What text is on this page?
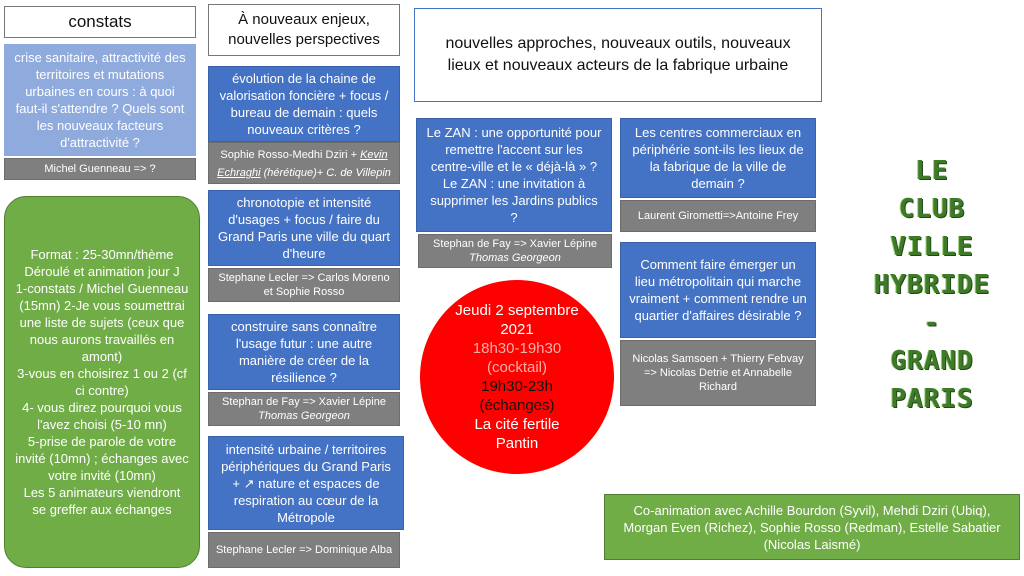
constats
crise sanitaire, attractivité des territoires et mutations urbaines en cours : à quoi faut-il s'attendre ? Quels sont les nouveaux facteurs d'attractivité ?
Michel Guenneau => ?
Format : 25-30mn/thème
Déroulé et animation jour J
1-constats / Michel Guenneau (15mn) 2-Je vous soumettrai une liste de sujets (ceux que nous aurons travaillés en amont)
3-vous en choisirez 1 ou 2 (cf ci contre)
4- vous direz pourquoi vous l'avez choisi (5-10 mn)
5-prise de parole de votre invité (10mn) ; échanges avec votre invité (10mn)
Les 5 animateurs viendront se greffer aux échanges
À nouveaux enjeux, nouvelles perspectives
évolution de la chaine de valorisation foncière + focus / bureau de demain : quels nouveaux critères ?
Sophie Rosso-Medhi Dziri + Kevin Echraghi (hérétique)+ C. de Villepin
chronotopie et intensité d'usages + focus / faire du Grand Paris une ville du quart d'heure
Stephane Lecler => Carlos Moreno et Sophie Rosso
construire sans connaître l'usage futur : une autre manière de créer de la résilience ?
Stephan de Fay => Xavier Lépine
Thomas Georgeon
intensité urbaine / territoires périphériques du Grand Paris + ↗ nature et espaces de respiration au cœur de la Métropole
Stephane Lecler => Dominique Alba
nouvelles approches, nouveaux outils, nouveaux lieux et nouveaux acteurs de la fabrique urbaine
Le ZAN : une opportunité pour remettre l'accent sur les centre-ville et le « déjà-là » ? Le ZAN : une invitation à supprimer les Jardins publics ?
Stephan de Fay => Xavier Lépine
Thomas Georgeon
Jeudi 2 septembre 2021
18h30-19h30 (cocktail)
19h30-23h (échanges)
La cité fertile Pantin
Les centres commerciaux en périphérie sont-ils les lieux de la fabrique de la ville de demain ?
Laurent Girometti=>Antoine Frey
Comment faire émerger un lieu métropolitain qui marche vraiment + comment rendre un quartier d'affaires désirable ?
Nicolas Samsoen + Thierry Febvay => Nicolas Detrie et Annabelle Richard
LE
CLUB
VILLE
HYBRIDE
-
GRAND
PARIS
Co-animation avec Achille Bourdon (Syvil), Mehdi Dziri (Ubiq), Morgan Even (Richez), Sophie Rosso (Redman), Estelle Sabatier (Nicolas Laismé)
